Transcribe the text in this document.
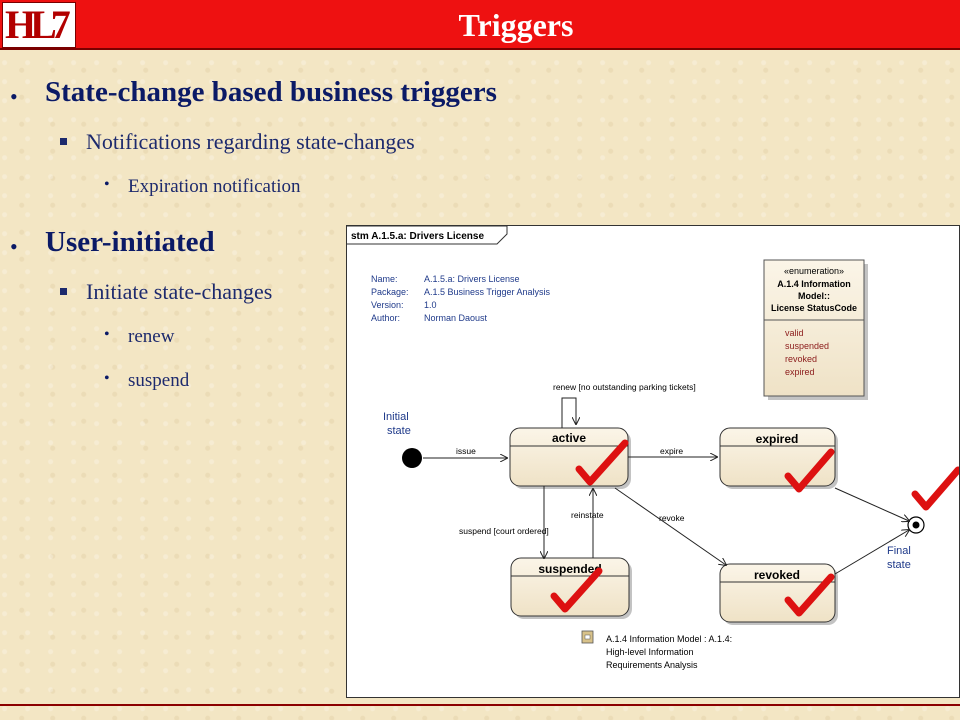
HL7	Triggers
• State-change based business triggers
Notifications regarding state-changes
• Expiration notification
• User-initiated
Initiate state-changes
• renew
• suspend
stm A.1.5.a: Drivers License
«enumeration»
A.1.4 Information
Model::
License StatusCode
valid
suspended
revoked
expired
Initial
state
Final
state
active	expired
suspended	revoked
renew [no outstanding parking tickets]
issue	expire
suspend [court ordered]
reinstate	revoke
A.1.4 Information Model : A.1.4:
High-level Information
Requirements Analysis
Name:	A.1.5.a: Drivers License
Package: A.1.5 Business Trigger Analysis
Version: 1.0
Author:	Norman Daoust
